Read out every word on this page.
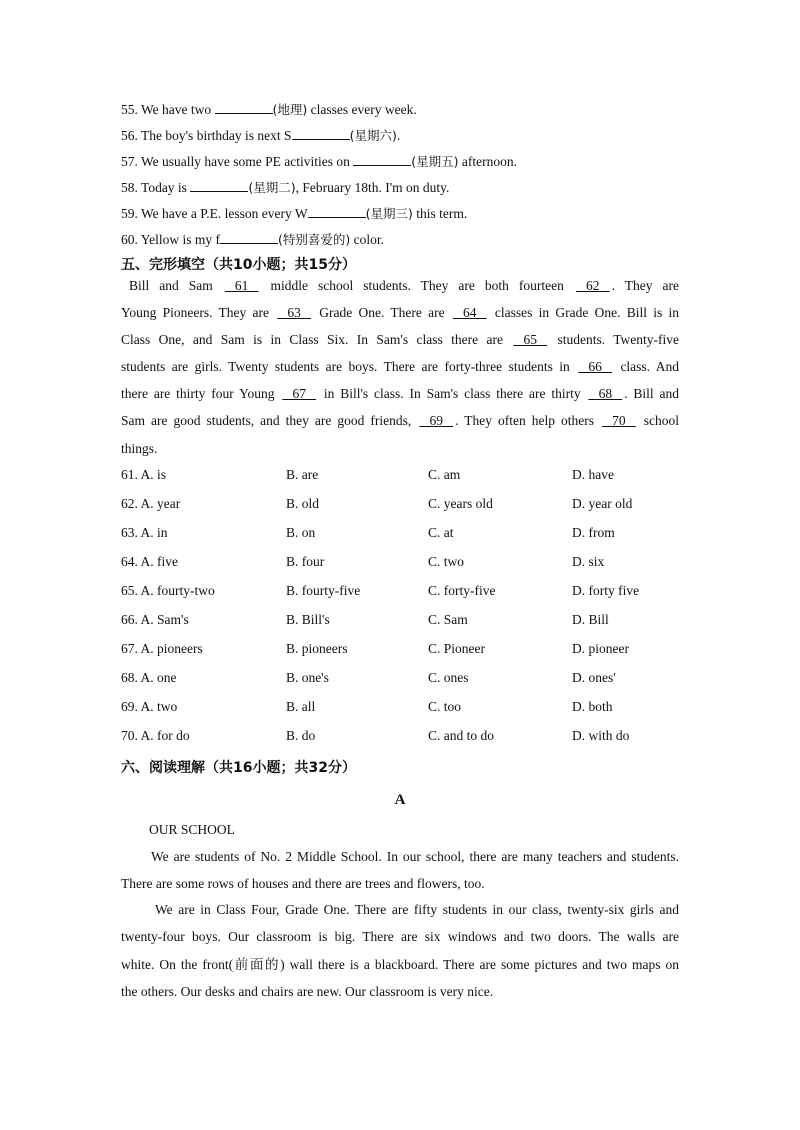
55. We have two	(地理) classes every week.
56. The boy's birthday is next S	(星期六).
57. We usually have some PE activities on	(星期五) afternoon.
58. Today is	(星期二), February 18th. I'm on duty.
59. We have a P.E. lesson every W	(星期三) this term.
60. Yellow is my f	(特别喜爱的) color.
五、完形填空（共10小题；共15分）
Bill and Sam    61    middle school students. They are both fourteen    62   . They are
Young Pioneers. They are    63    Grade One. There are    64    classes in Grade One. Bill is in
Class One, and Sam is in Class Six. In Sam's class there are    65    students. Twenty-five
students are girls. Twenty students are boys. There are forty-three students in    66    class. And
there are thirty four Young    67    in Bill's class. In Sam's class there are thirty    68   . Bill and
Sam are good students, and they are good friends,    69   . They often help others    70    school
things.
61. A. is	B. are	C. am	D. have
62. A. year	B. old	C. years old	D. year old
63. A. in	B. on	C. at	D. from
64. A. five	B. four	C. two	D. six
65. A. fourty-two	B. fourty-five	C. forty-five	D. forty five
66. A. Sam's	B. Bill's	C. Sam	D. Bill
67. A. pioneers	B. pioneers	C. Pioneer	D. pioneer
68. A. one	B. one's	C. ones	D. ones'
69. A. two	B. all	C. too	D. both
70. A. for do	B. do	C. and to do	D. with do
六、阅读理解（共16小题；共32分）
A
OUR SCHOOL
We are students of No. 2 Middle School. In our school, there are many teachers and students.
There are some rows of houses and there are trees and flowers, too.
We are in Class Four, Grade One. There are fifty students in our class, twenty-six girls and
twenty-four boys. Our classroom is big. There are six windows and two doors. The walls are
white. On the front(前面的) wall there is a blackboard. There are some pictures and two maps on
the others. Our desks and chairs are new. Our classroom is very nice.
